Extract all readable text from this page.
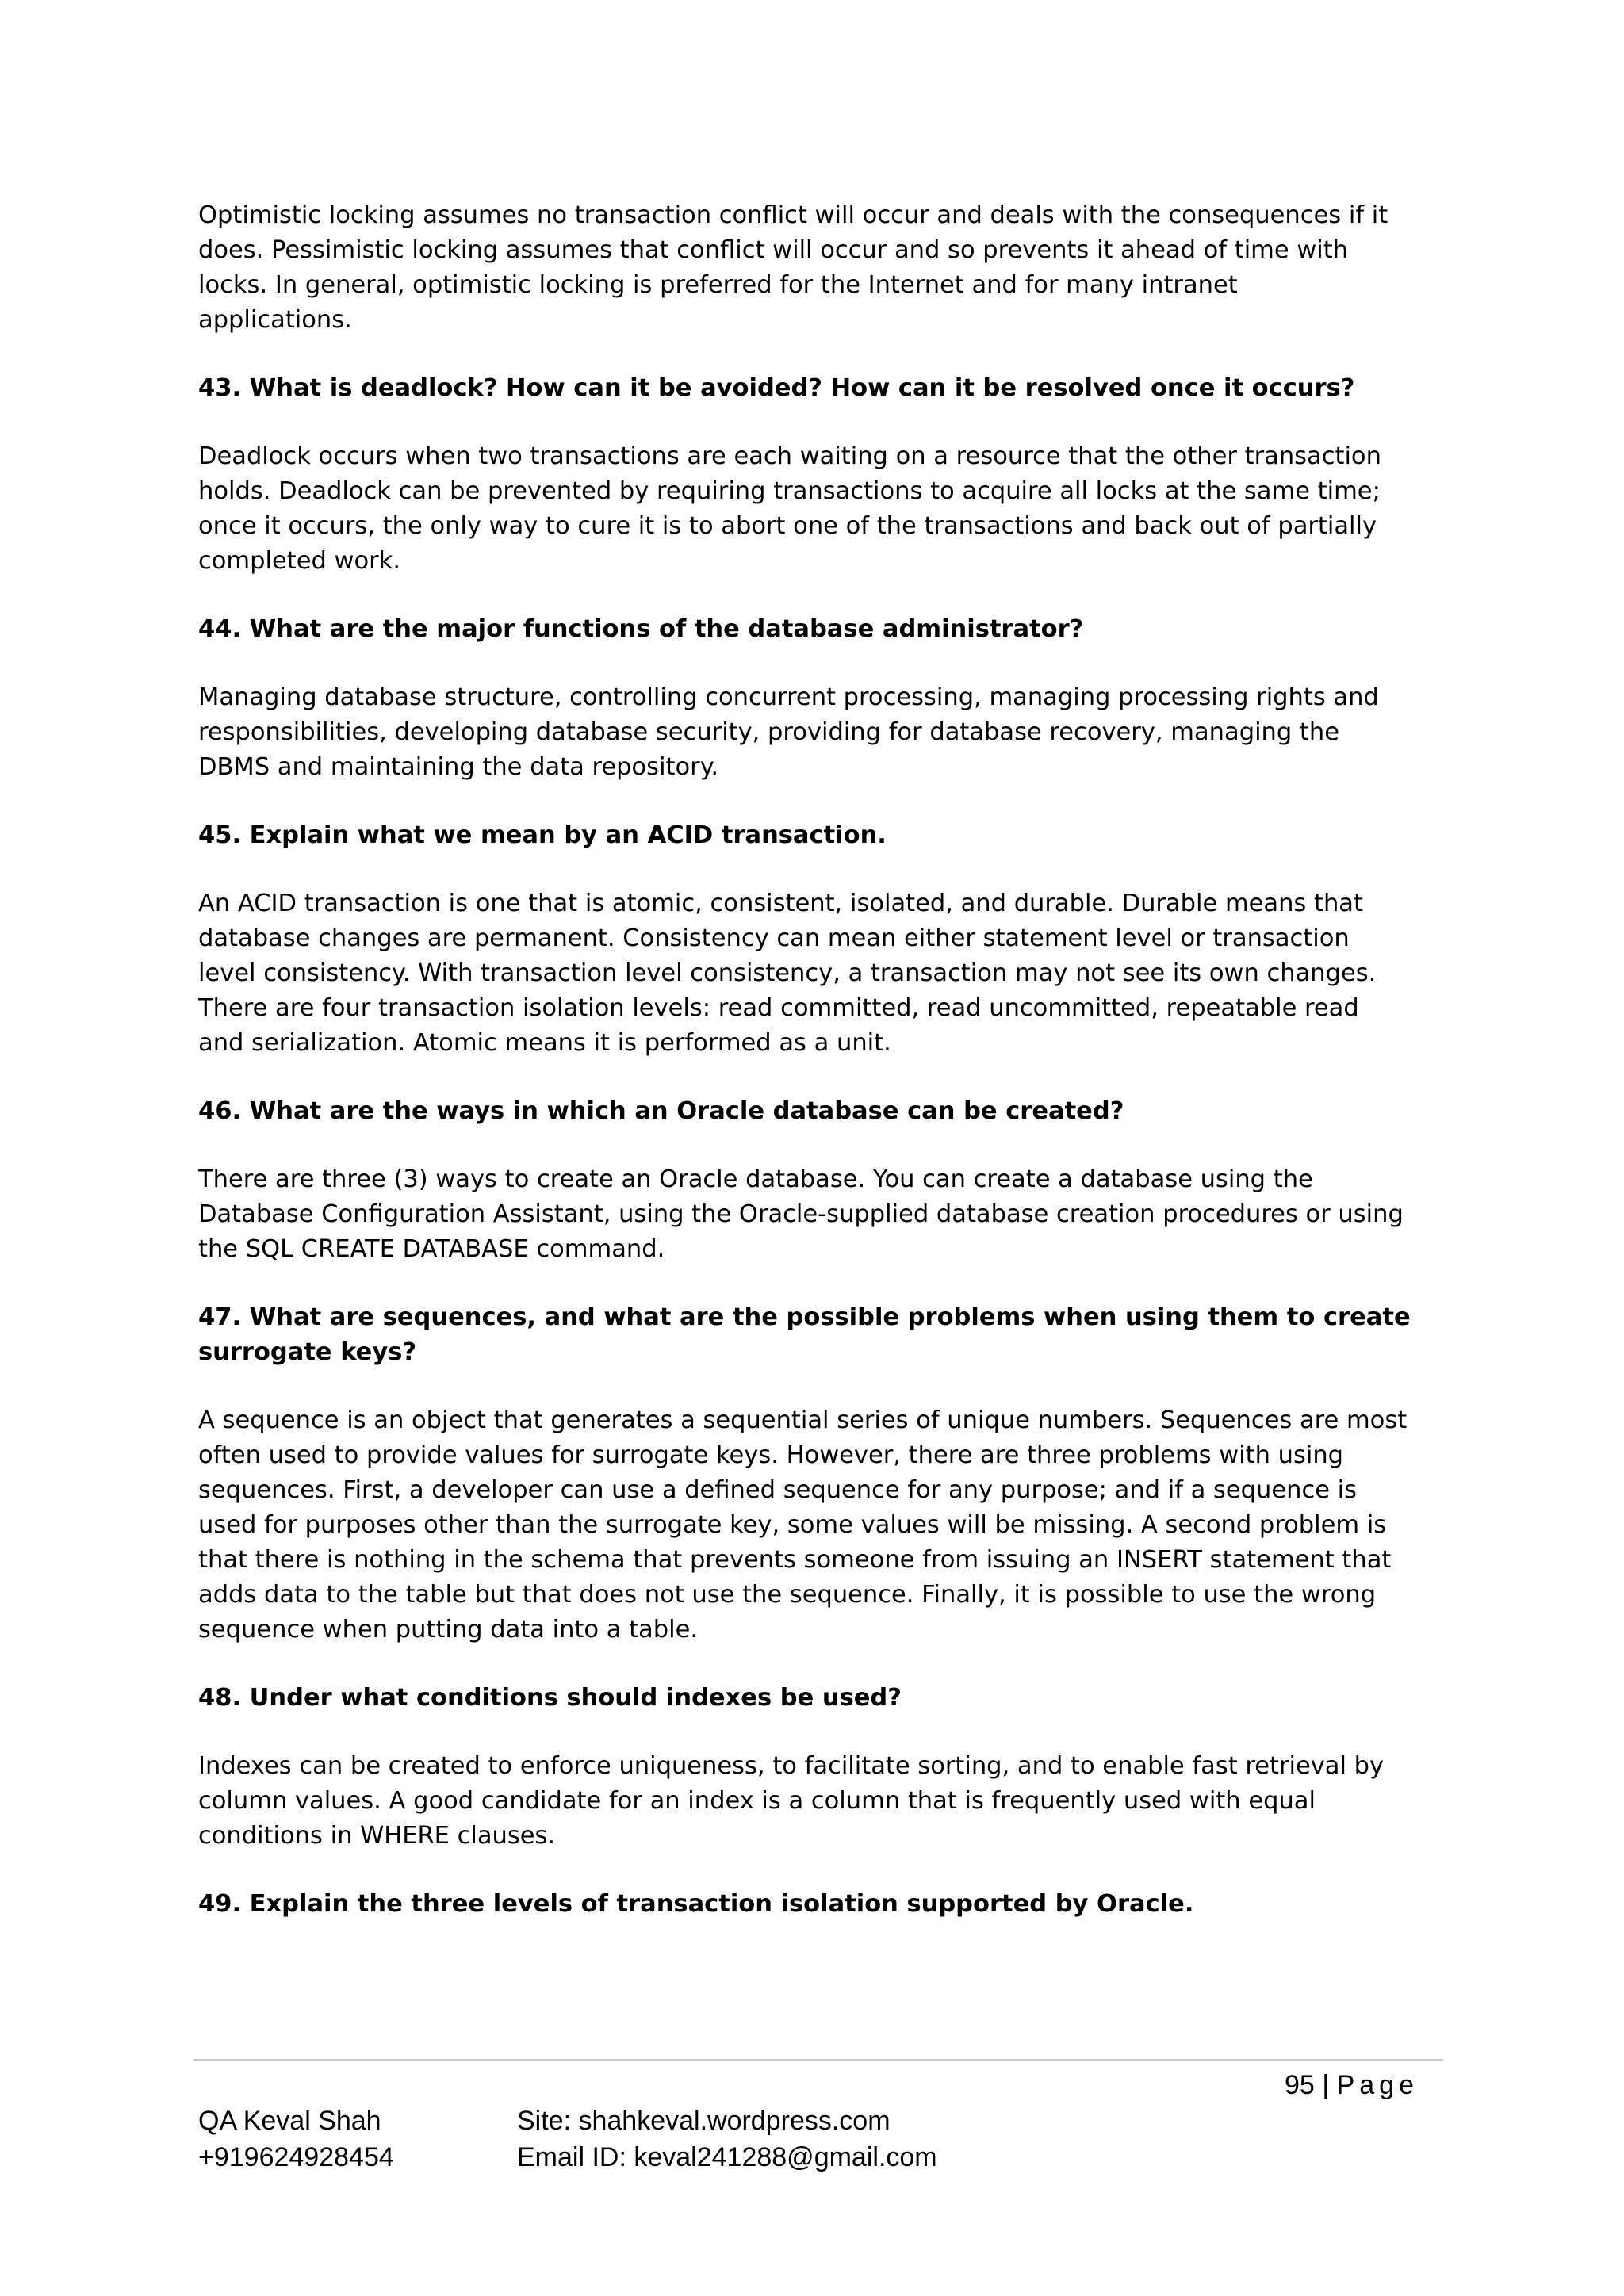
Optimistic locking assumes no transaction conflict will occur and deals with the consequences if it
does. Pessimistic locking assumes that conflict will occur and so prevents it ahead of time with
locks. In general, optimistic locking is preferred for the Internet and for many intranet
applications.

43. What is deadlock? How can it be avoided? How can it be resolved once it occurs?

Deadlock occurs when two transactions are each waiting on a resource that the other transaction
holds. Deadlock can be prevented by requiring transactions to acquire all locks at the same time;
once it occurs, the only way to cure it is to abort one of the transactions and back out of partially
completed work.

44. What are the major functions of the database administrator?

Managing database structure, controlling concurrent processing, managing processing rights and
responsibilities, developing database security, providing for database recovery, managing the
DBMS and maintaining the data repository.

45. Explain what we mean by an ACID transaction.

An ACID transaction is one that is atomic, consistent, isolated, and durable. Durable means that
database changes are permanent. Consistency can mean either statement level or transaction
level consistency. With transaction level consistency, a transaction may not see its own changes.
There are four transaction isolation levels: read committed, read uncommitted, repeatable read
and serialization. Atomic means it is performed as a unit.

46. What are the ways in which an Oracle database can be created?

There are three (3) ways to create an Oracle database. You can create a database using the
Database Configuration Assistant, using the Oracle-supplied database creation procedures or using
the SQL CREATE DATABASE command.

47. What are sequences, and what are the possible problems when using them to create
surrogate keys?

A sequence is an object that generates a sequential series of unique numbers. Sequences are most
often used to provide values for surrogate keys. However, there are three problems with using
sequences. First, a developer can use a defined sequence for any purpose; and if a sequence is
used for purposes other than the surrogate key, some values will be missing. A second problem is
that there is nothing in the schema that prevents someone from issuing an INSERT statement that
adds data to the table but that does not use the sequence. Finally, it is possible to use the wrong
sequence when putting data into a table.

48. Under what conditions should indexes be used?

Indexes can be created to enforce uniqueness, to facilitate sorting, and to enable fast retrieval by
column values. A good candidate for an index is a column that is frequently used with equal
conditions in WHERE clauses.

49. Explain the three levels of transaction isolation supported by Oracle.

95 | Page
QA Keval Shah
+919624928454
Site: shahkeval.wordpress.com
Email ID: keval241288@gmail.com
